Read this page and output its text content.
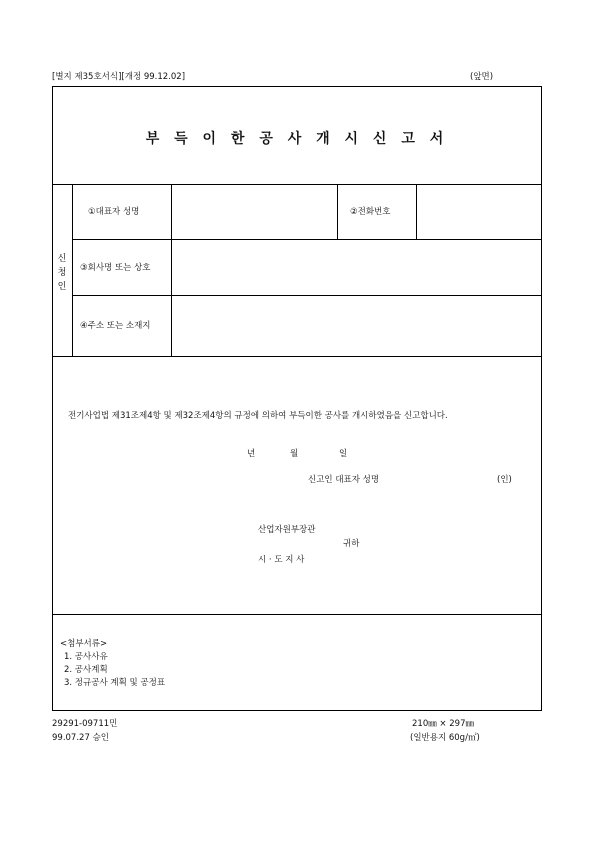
[별지 제35호서식][개정 99.12.02]	(앞면)
부 득 이 한 공 사 개 시 신 고 서
신 청 인
①대표자 성명	②전화번호
③회사명 또는 상호
④주소 또는 소재지
전기사업법 제31조제4항 및 제32조제4항의 규정에 의하여 부득이한 공사를 개시하였음을 신고합니다.
년	월	일
신고인 대표자 성명	(인)
산업자원부장관
귀하
시 · 도 지 사
<첨부서류>
1. 공사사유
2. 공사계획
3. 정규공사 계획 및 공정표
29291-09711민
99.07.27 승인
210㎜ × 297㎜
(일반용지 60g/㎡)
